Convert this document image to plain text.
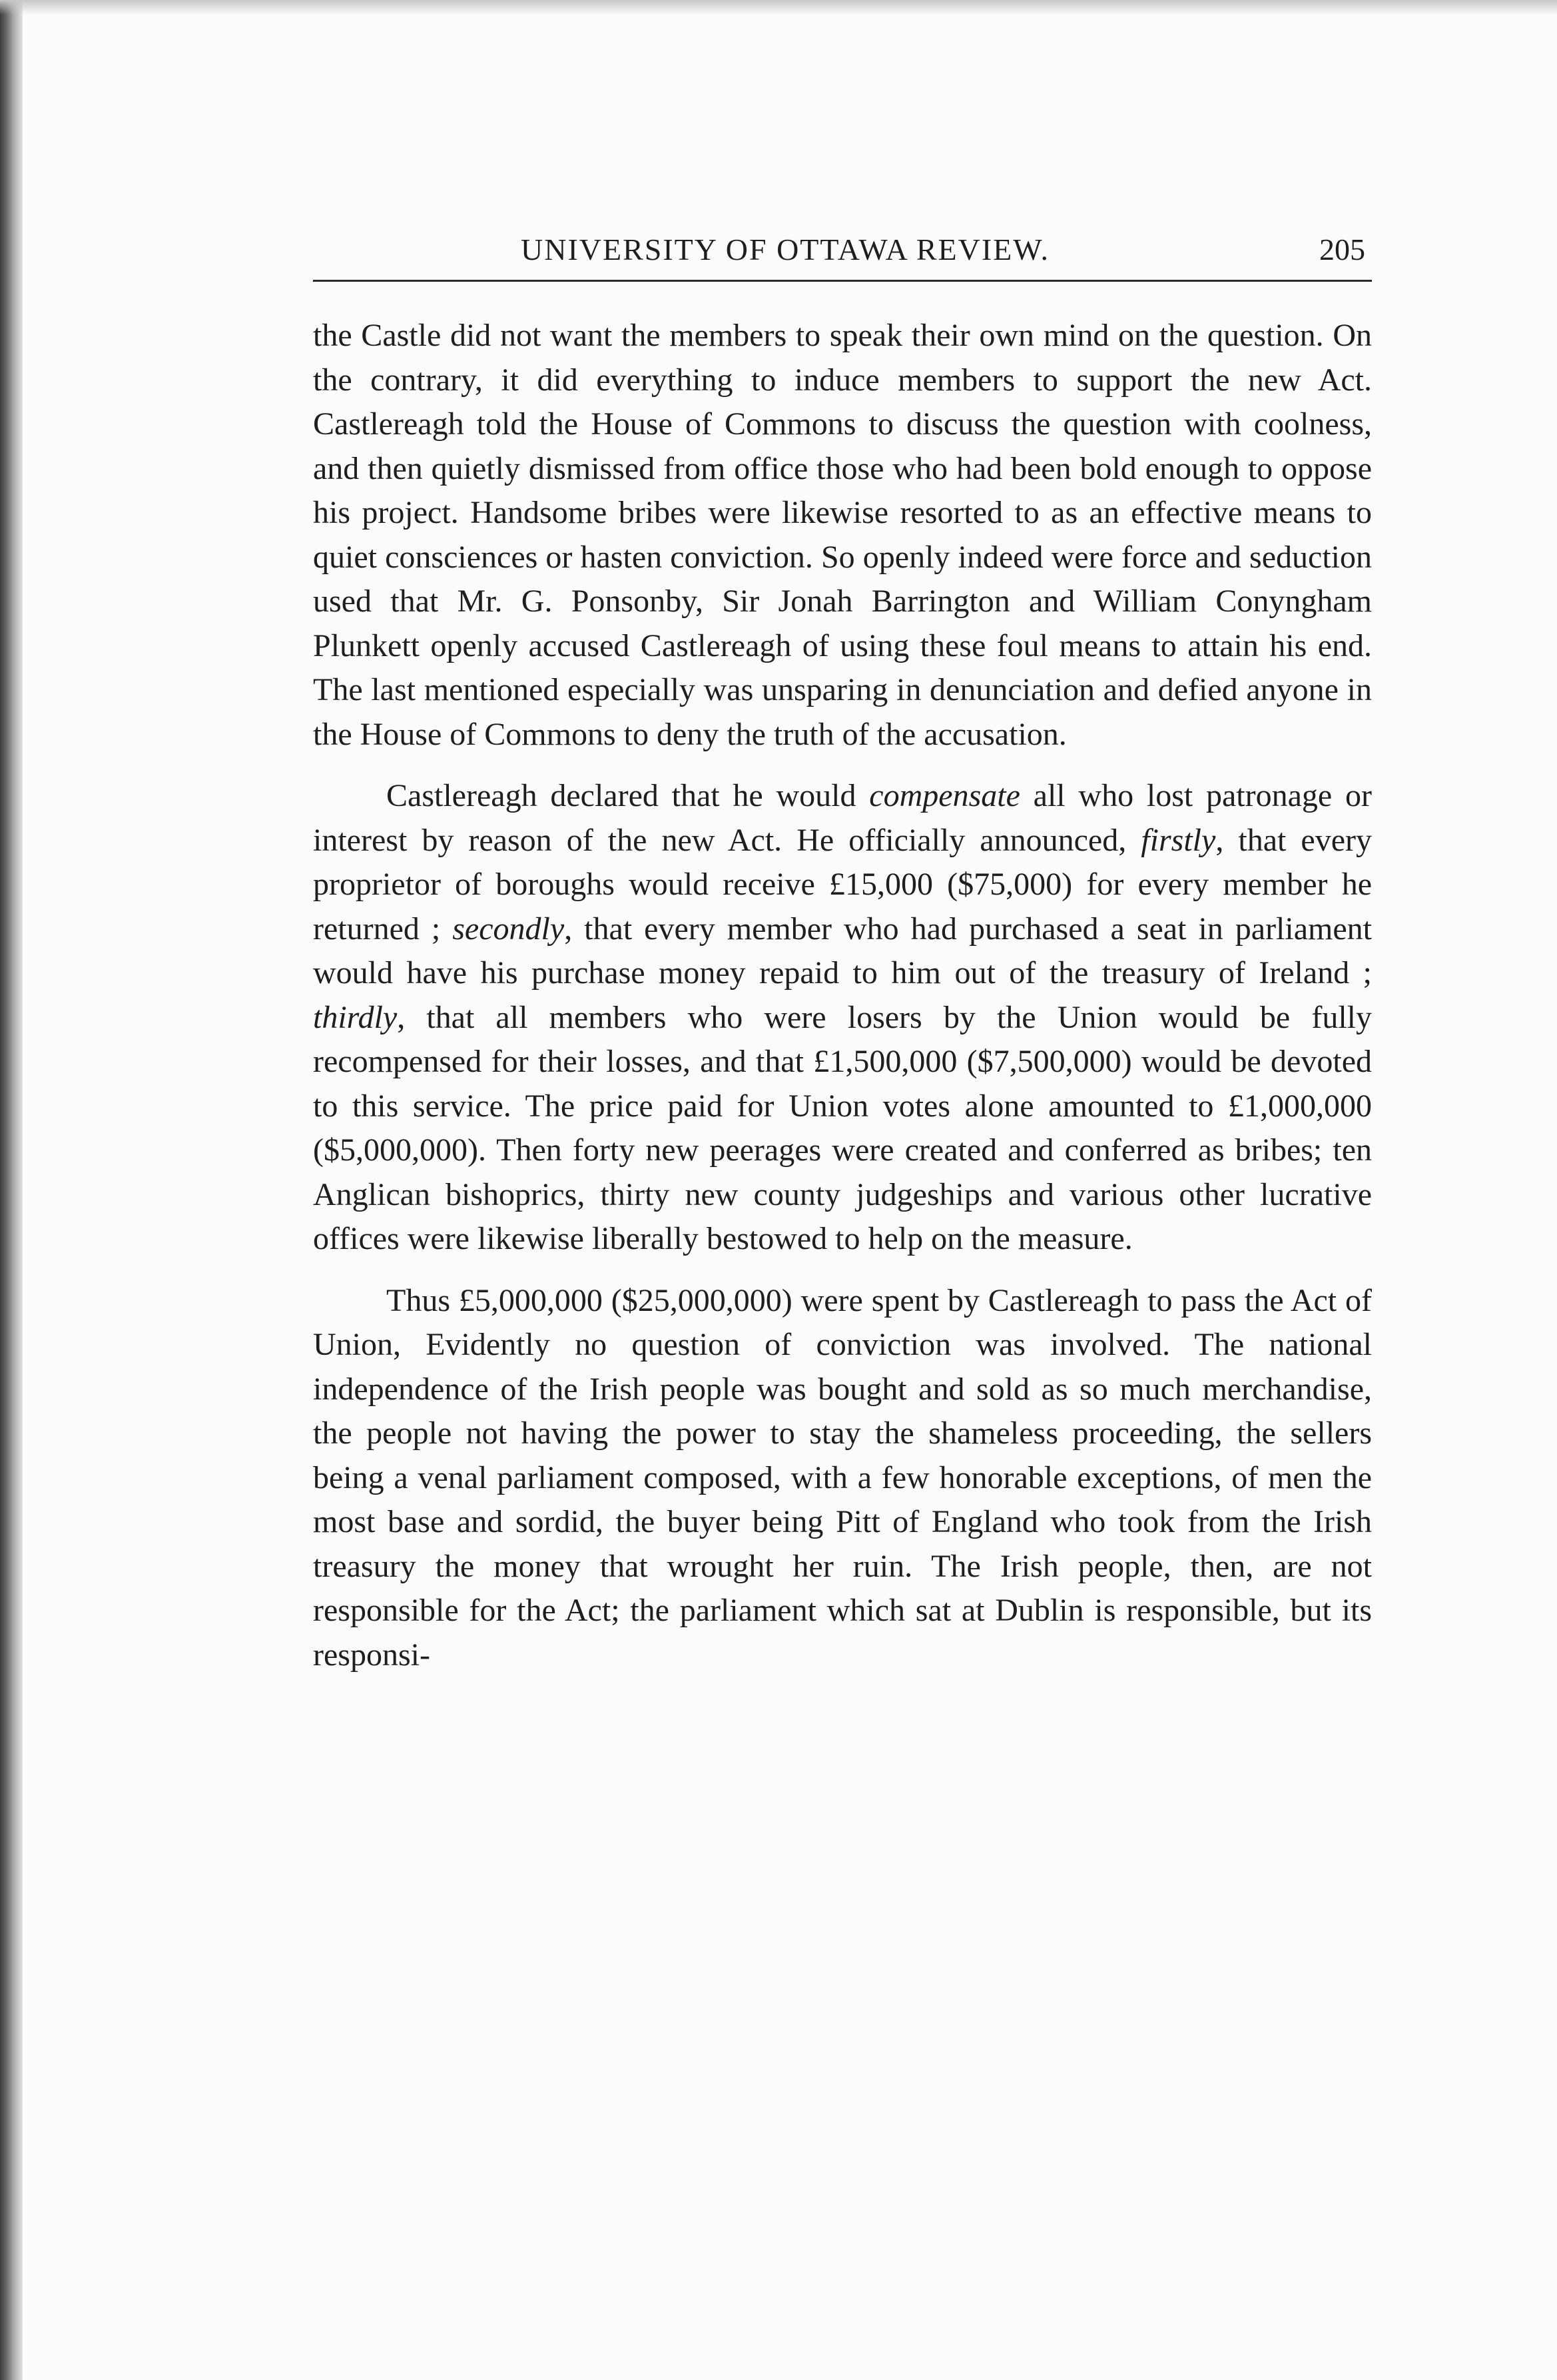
UNIVERSITY OF OTTAWA REVIEW.	205

the Castle did not want the members to speak their own mind on the question. On the contrary, it did everything to induce members to support the new Act. Castlereagh told the House of Commons to discuss the question with coolness, and then quietly dismissed from office those who had been bold enough to oppose his project. Handsome bribes were likewise resorted to as an effective means to quiet consciences or hasten conviction. So openly indeed were force and seduction used that Mr. G. Ponsonby, Sir Jonah Barrington and William Conyngham Plunkett openly accused Castlereagh of using these foul means to attain his end. The last mentioned especially was unsparing in denunciation and defied anyone in the House of Commons to deny the truth of the accusation.

Castlereagh declared that he would compensate all who lost patronage or interest by reason of the new Act. He officially announced, firstly, that every proprietor of boroughs would receive £15,000 ($75,000) for every member he returned ; secondly, that every member who had purchased a seat in parliament would have his purchase money repaid to him out of the treasury of Ireland ; thirdly, that all members who were losers by the Union would be fully recompensed for their losses, and that £1,500,000 ($7,500,000) would be devoted to this service. The price paid for Union votes alone amounted to £1,000,000 ($5,000,000). Then forty new peerages were created and conferred as bribes; ten Anglican bishoprics, thirty new county judgeships and various other lucrative offices were likewise liberally bestowed to help on the measure.

Thus £5,000,000 ($25,000,000) were spent by Castlereagh to pass the Act of Union, Evidently no question of conviction was involved. The national independence of the Irish people was bought and sold as so much merchandise, the people not having the power to stay the shameless proceeding, the sellers being a venal parliament composed, with a few honorable exceptions, of men the most base and sordid, the buyer being Pitt of England who took from the Irish treasury the money that wrought her ruin. The Irish people, then, are not responsible for the Act; the parliament which sat at Dublin is responsible, but its responsi-
